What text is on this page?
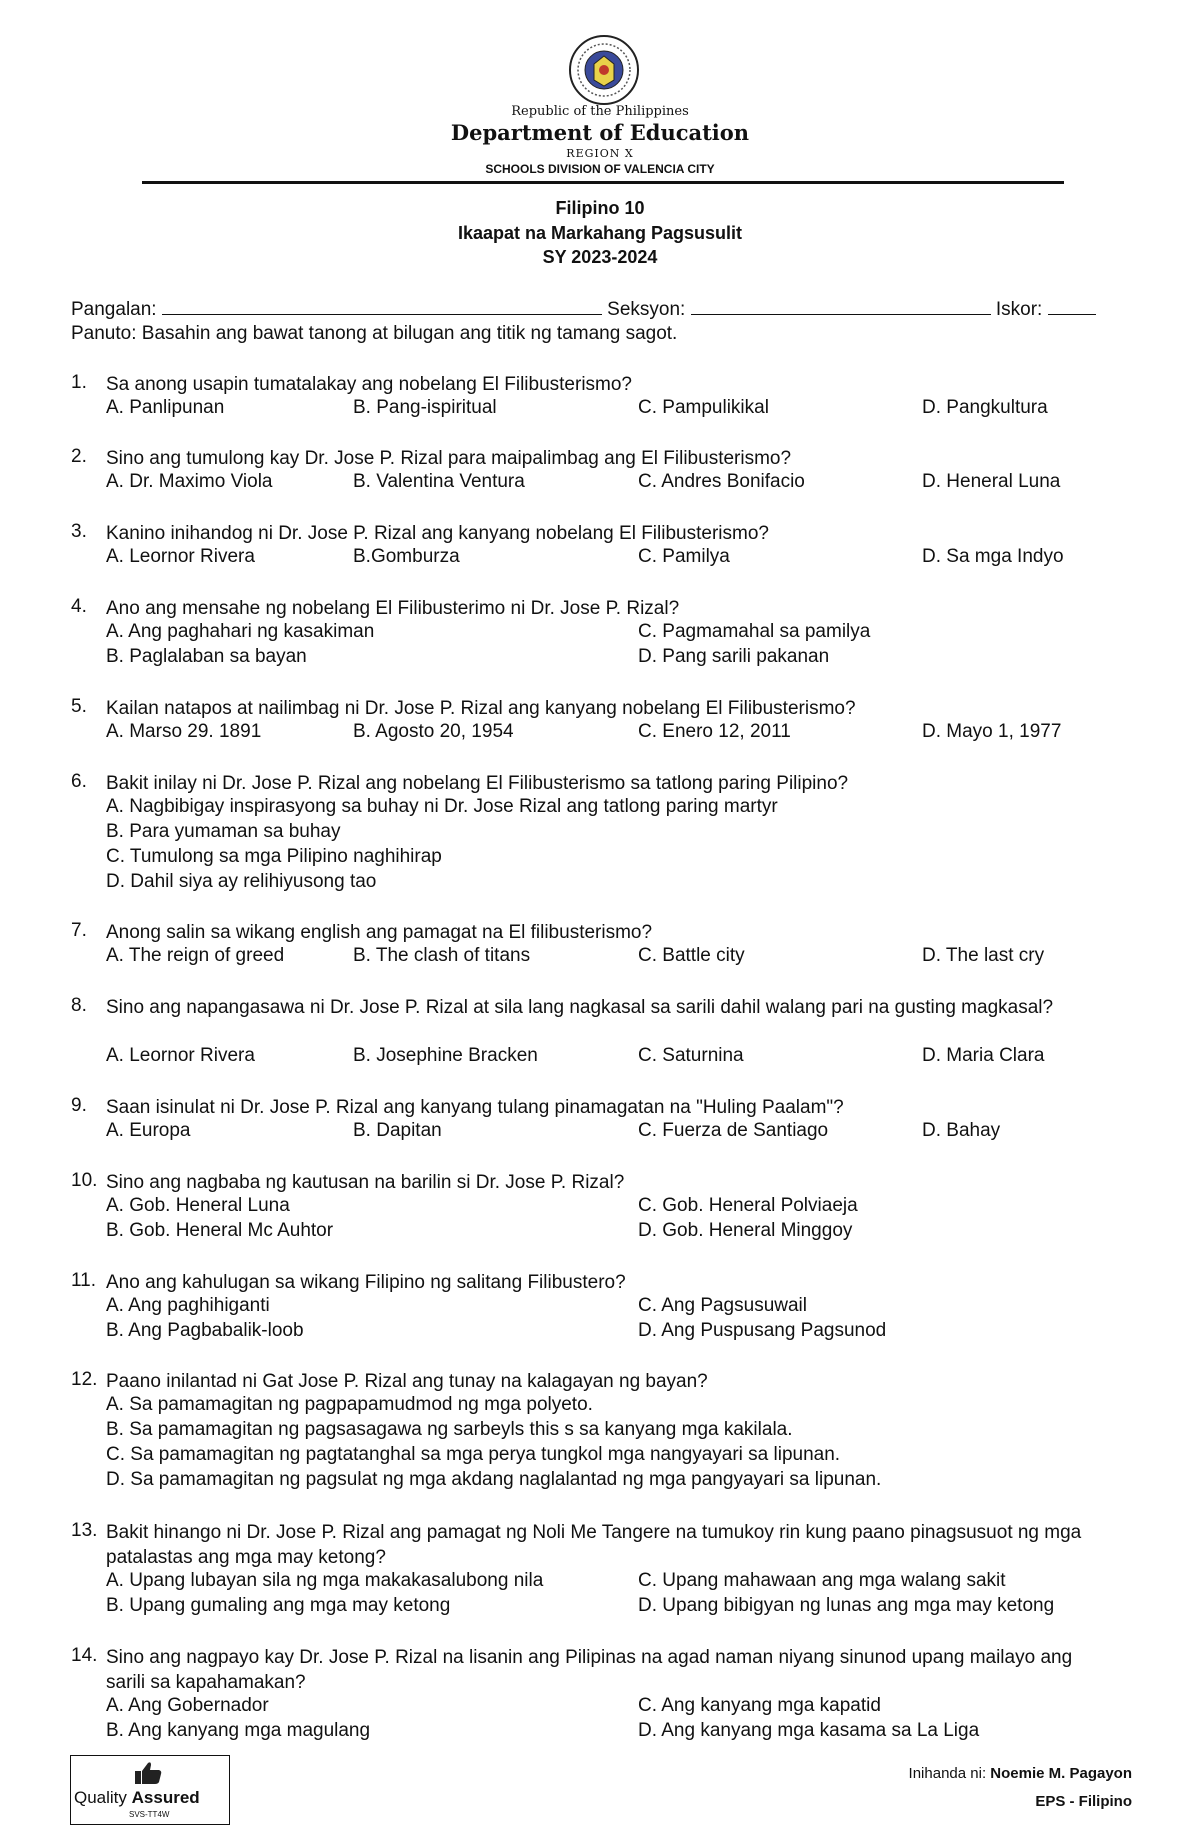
Republic of the Philippines
Department of Education
REGION X
SCHOOLS DIVISION OF VALENCIA CITY
Filipino 10
Ikaapat na Markahang Pagsusulit
SY 2023-2024
Pangalan:	Seksyon:	Iskor:
Panuto: Basahin ang bawat tanong at bilugan ang titik ng tamang sagot.
1. Sa anong usapin tumatalakay ang nobelang El Filibusterismo?
A. Panlipunan	B. Pang-ispiritual	C. Pampulikikal	D. Pangkultura
2. Sino ang tumulong kay Dr. Jose P. Rizal para maipalimbag ang El Filibusterismo?
A. Dr. Maximo Viola	B. Valentina Ventura	C. Andres Bonifacio	D. Heneral Luna
3. Kanino inihandog ni Dr. Jose P. Rizal ang kanyang nobelang El Filibusterismo?
A. Leornor Rivera	B.Gomburza	C. Pamilya	D. Sa mga Indyo
4. Ano ang mensahe ng nobelang El Filibusterimo ni Dr. Jose P. Rizal?
A. Ang paghahari ng kasakiman	C. Pagmamahal sa pamilya
B. Paglalaban sa bayan	D. Pang sarili pakanan
5. Kailan natapos at nailimbag ni Dr. Jose P. Rizal ang kanyang nobelang El Filibusterismo?
A. Marso 29. 1891	B. Agosto 20, 1954	C. Enero 12, 2011	D. Mayo 1, 1977
6. Bakit inilay ni Dr. Jose P. Rizal ang nobelang El Filibusterismo sa tatlong paring Pilipino?
A. Nagbibigay inspirasyong sa buhay ni Dr. Jose Rizal ang tatlong paring martyr
B. Para yumaman sa buhay
C. Tumulong sa mga Pilipino naghihirap
D. Dahil siya ay relihiyusong tao
7. Anong salin sa wikang english ang pamagat na El filibusterismo?
A. The reign of greed	B. The clash of titans	C. Battle city	D. The last cry
8. Sino ang napangasawa ni Dr. Jose P. Rizal at sila lang nagkasal sa sarili dahil walang pari na gusting magkasal?
A. Leornor Rivera	B. Josephine Bracken	C. Saturnina	D. Maria Clara
9. Saan isinulat ni Dr. Jose P. Rizal ang kanyang tulang pinamagatan na "Huling Paalam"?
A. Europa	B. Dapitan	C. Fuerza de Santiago	D. Bahay
10. Sino ang nagbaba ng kautusan na barilin si Dr. Jose P. Rizal?
A. Gob. Heneral Luna	C. Gob. Heneral Polviaeja
B. Gob. Heneral Mc Auhtor	D. Gob. Heneral Minggoy
11. Ano ang kahulugan sa wikang Filipino ng salitang Filibustero?
A. Ang paghihiganti	C. Ang Pagsusuwail
B. Ang Pagbabalik-loob	D. Ang Puspusang Pagsunod
12. Paano inilantad ni Gat Jose P. Rizal ang tunay na kalagayan ng bayan?
A. Sa pamamagitan ng pagpapamudmod ng mga polyeto.
B. Sa pamamagitan ng pagsasagawa ng sarbeyls this s sa kanyang mga kakilala.
C. Sa pamamagitan ng pagtatanghal sa mga perya tungkol mga nangyayari sa lipunan.
D. Sa pamamagitan ng pagsulat ng mga akdang naglalantad ng mga pangyayari sa lipunan.
13. Bakit hinango ni Dr. Jose P. Rizal ang pamagat ng Noli Me Tangere na tumukoy rin kung paano pinagsusuot ng mga patalastas ang mga may ketong?
A. Upang lubayan sila ng mga makakasalubong nila	C. Upang mahawaan ang mga walang sakit
B. Upang gumaling ang mga may ketong	D. Upang bibigyan ng lunas ang mga may ketong
14. Sino ang nagpayo kay Dr. Jose P. Rizal na lisanin ang Pilipinas na agad naman niyang sinunod upang mailayo ang sarili sa kapahamakan?
A. Ang Gobernador	C. Ang kanyang mga kapatid
B. Ang kanyang mga magulang	D. Ang kanyang mga kasama sa La Liga
Quality Assured
SVS-TT4W
Inihanda ni: Noemie M. Pagayon
EPS - Filipino
